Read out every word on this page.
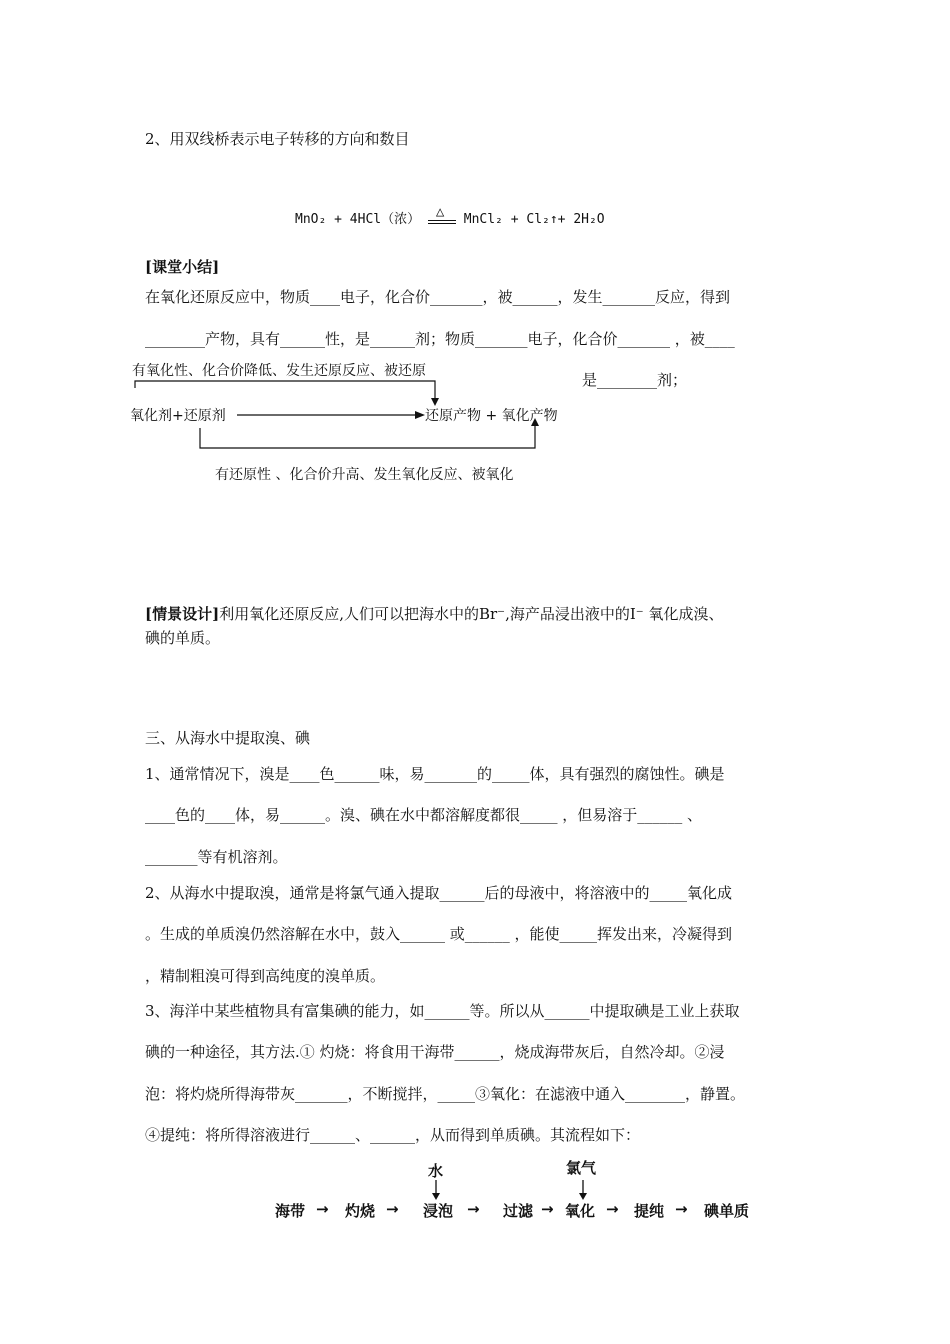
2、用双线桥表示电子转移的方向和数目
MnO₂ + 4HCl（浓） △ MnCl₂ + Cl₂↑+ 2H₂O
[课堂小结]
在氧化还原反应中，物质____电子，化合价_______，被______，发生_______反应，得到
________产物，具有______性，是______剂；物质_______电子，化合价_______ ，被____
是________剂；
有氧化性、化合价降低、发生还原反应、被还原
氧化剂+还原剂	还原产物 + 氧化产物
有还原性 、化合价升高、发生氧化反应、被氧化
[情景设计]利用氧化还原反应,人们可以把海水中的Br⁻,海产品浸出液中的I⁻ 氧化成溴、
碘的单质。
三、从海水中提取溴、碘
1、通常情况下，溴是____色______味，易_______的_____体，具有强烈的腐蚀性。碘是
____色的____体，易______。溴、碘在水中都溶解度都很_____ ，但易溶于______ 、
_______等有机溶剂。
2、从海水中提取溴，通常是将氯气通入提取______后的母液中，将溶液中的_____氧化成
。生成的单质溴仍然溶解在水中，鼓入______ 或______ ，能使_____挥发出来，冷凝得到
，精制粗溴可得到高纯度的溴单质。
3、海洋中某些植物具有富集碘的能力，如______等。所以从______中提取碘是工业上获取
碘的一种途径，其方法.① 灼烧：将食用干海带______，烧成海带灰后，自然冷却。②浸
泡：将灼烧所得海带灰_______，不断搅拌，_____③氧化：在滤液中通入________，静置。
④提纯：将所得溶液进行______、______，从而得到单质碘。其流程如下：
水	氯气
海带 → 灼烧 → 浸泡 → 过滤 → 氧化 → 提纯 → 碘单质
